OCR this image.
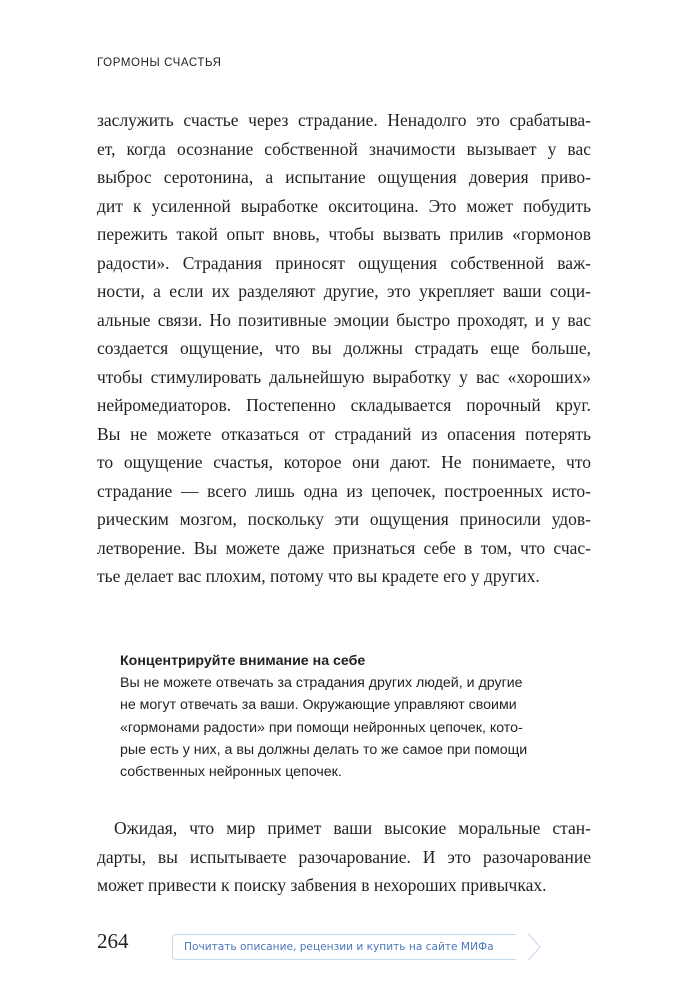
ГОРМОНЫ СЧАСТЬЯ
заслужить счастье через страдание. Ненадолго это срабатыва-
ет, когда осознание собственной значимости вызывает у вас
выброс серотонина, а испытание ощущения доверия приво-
дит к усиленной выработке окситоцина. Это может побудить
пережить такой опыт вновь, чтобы вызвать прилив «гормонов
радости». Страдания приносят ощущения собственной важ-
ности, а если их разделяют другие, это укрепляет ваши соци-
альные связи. Но позитивные эмоции быстро проходят, и у вас
создается ощущение, что вы должны страдать еще больше,
чтобы стимулировать дальнейшую выработку у вас «хороших»
нейромедиаторов. Постепенно складывается порочный круг.
Вы не можете отказаться от страданий из опасения потерять
то ощущение счастья, которое они дают. Не понимаете, что
страдание — всего лишь одна из цепочек, построенных исто-
рическим мозгом, поскольку эти ощущения приносили удов-
летворение. Вы можете даже признаться себе в том, что счас-
тье делает вас плохим, потому что вы крадете его у других.
Концентрируйте внимание на себе
Вы не можете отвечать за страдания других людей, и другие
не могут отвечать за ваши. Окружающие управляют своими
«гормонами радости» при помощи нейронных цепочек, кото-
рые есть у них, а вы должны делать то же самое при помощи
собственных нейронных цепочек.
Ожидая, что мир примет ваши высокие моральные стан-
дарты, вы испытываете разочарование. И это разочарование
может привести к поиску забвения в нехороших привычках.
264	Почитать описание, рецензии и купить на сайте МИФа
